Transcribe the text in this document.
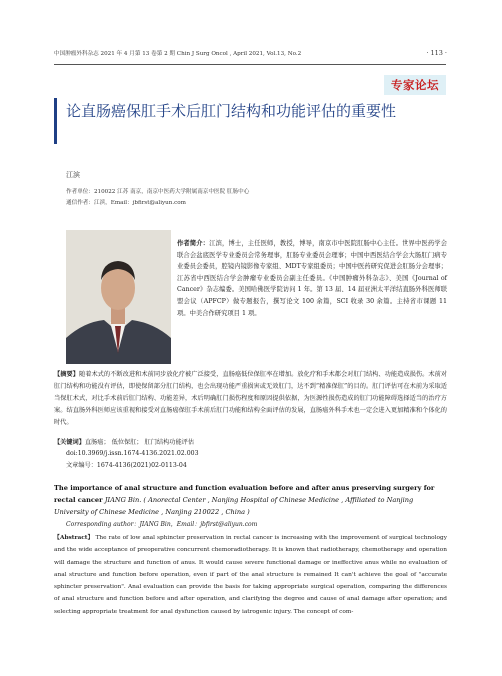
中国肿瘤外科杂志 2021 年 4 月第 13 卷第 2 期 Chin J Surg Oncol , April 2021, Vol.13, No.2	· 113 ·
专家论坛
论直肠癌保肛手术后肛门结构和功能评估的重要性
江滨
作者单位：210022 江苏 南京，南京中医药大学附属南京中医院 肛肠中心
通信作者：江滨，Email：jbfirst@aliyun.com
作者简介：江滨，博士，主任医师，教授，博导，南京市中医院肛肠中心主任。世界中医药学会联合会盆底医学专业委员会常务理事，肛肠专业委员会理事；中国中西医结合学会大肠肛门病专业委员会委员，腔镜内镜影像专家组、MDT专家组委员；中国中医药研究促进会肛肠分会理事；江苏省中西医结合学会肿瘤专业委员会副主任委员。《中国肿瘤外科杂志》、美国《Journal of Cancer》杂志编委。美国哈佛医学院访问 1 年。第 13 届、14 届亚洲太平洋结直肠外科医师联盟会议（APFCP）做专题报告，撰写论文 100 余篇，SCI 收录 30 余篇。主持省市课题 11 项。中美合作研究项目 1 项。
【摘要】随着术式的不断改进和术前同步放化疗被广泛接受，直肠癌低位保肛率在增加。放化疗和手术都会对肛门结构、功能造成损伤。术前对肛门结构和功能没有评估，即使保留部分肛门结构，也会出现功能严重损害或无效肛门，达不到“精准保肛”的目的。肛门评估可在术前为采取适当保肛术式，对比手术前后肛门结构、功能差异，术后明确肛门损伤程度和原因提供依据，为医源性损伤造成的肛门功能障碍选择适当的治疗方案。结直肠外科医师应该重视和接受对直肠癌保肛手术前后肛门功能和结构全面评估的发展，直肠癌外科手术也一定会进入更加精准和个体化的时代。
【关键词】直肠癌； 低位保肛； 肛门结构功能评估
doi:10.3969/j.issn.1674-4136.2021.02.003
文章编号：1674-4136(2021)02-0113-04
The importance of anal structure and function evaluation before and after anus preserving surgery for rectal cancer JIANG Bin. ( Anorectal Center , Nanjing Hospital of Chinese Medicine , Affiliated to Nanjing University of Chinese Medicine , Nanjing 210022 , China )
Corresponding author：JIANG Bin，Email：jbfirst@aliyun.com
【Abstract】 The rate of low anal sphincter preservation in rectal cancer is increasing with the improvement of surgical technology and the wide acceptance of preoperative concurrent chemoradiotherapy. It is known that radiotherapy, chemotherapy and operation will damage the structure and function of anus. It would cause severe functional damage or ineffective anus while no evaluation of anal structure and function before operation, even if part of the anal structure is remained It can't achieve the goal of "accurate sphincter preservation". Anal evaluation can provide the basis for taking appropriate surgical operation, comparing the differences of anal structure and function before and after operation, and clarifying the degree and cause of anal damage after operation; and selecting appropriate treatment for anal dysfunction caused by iatrogenic injury. The concept of com-
